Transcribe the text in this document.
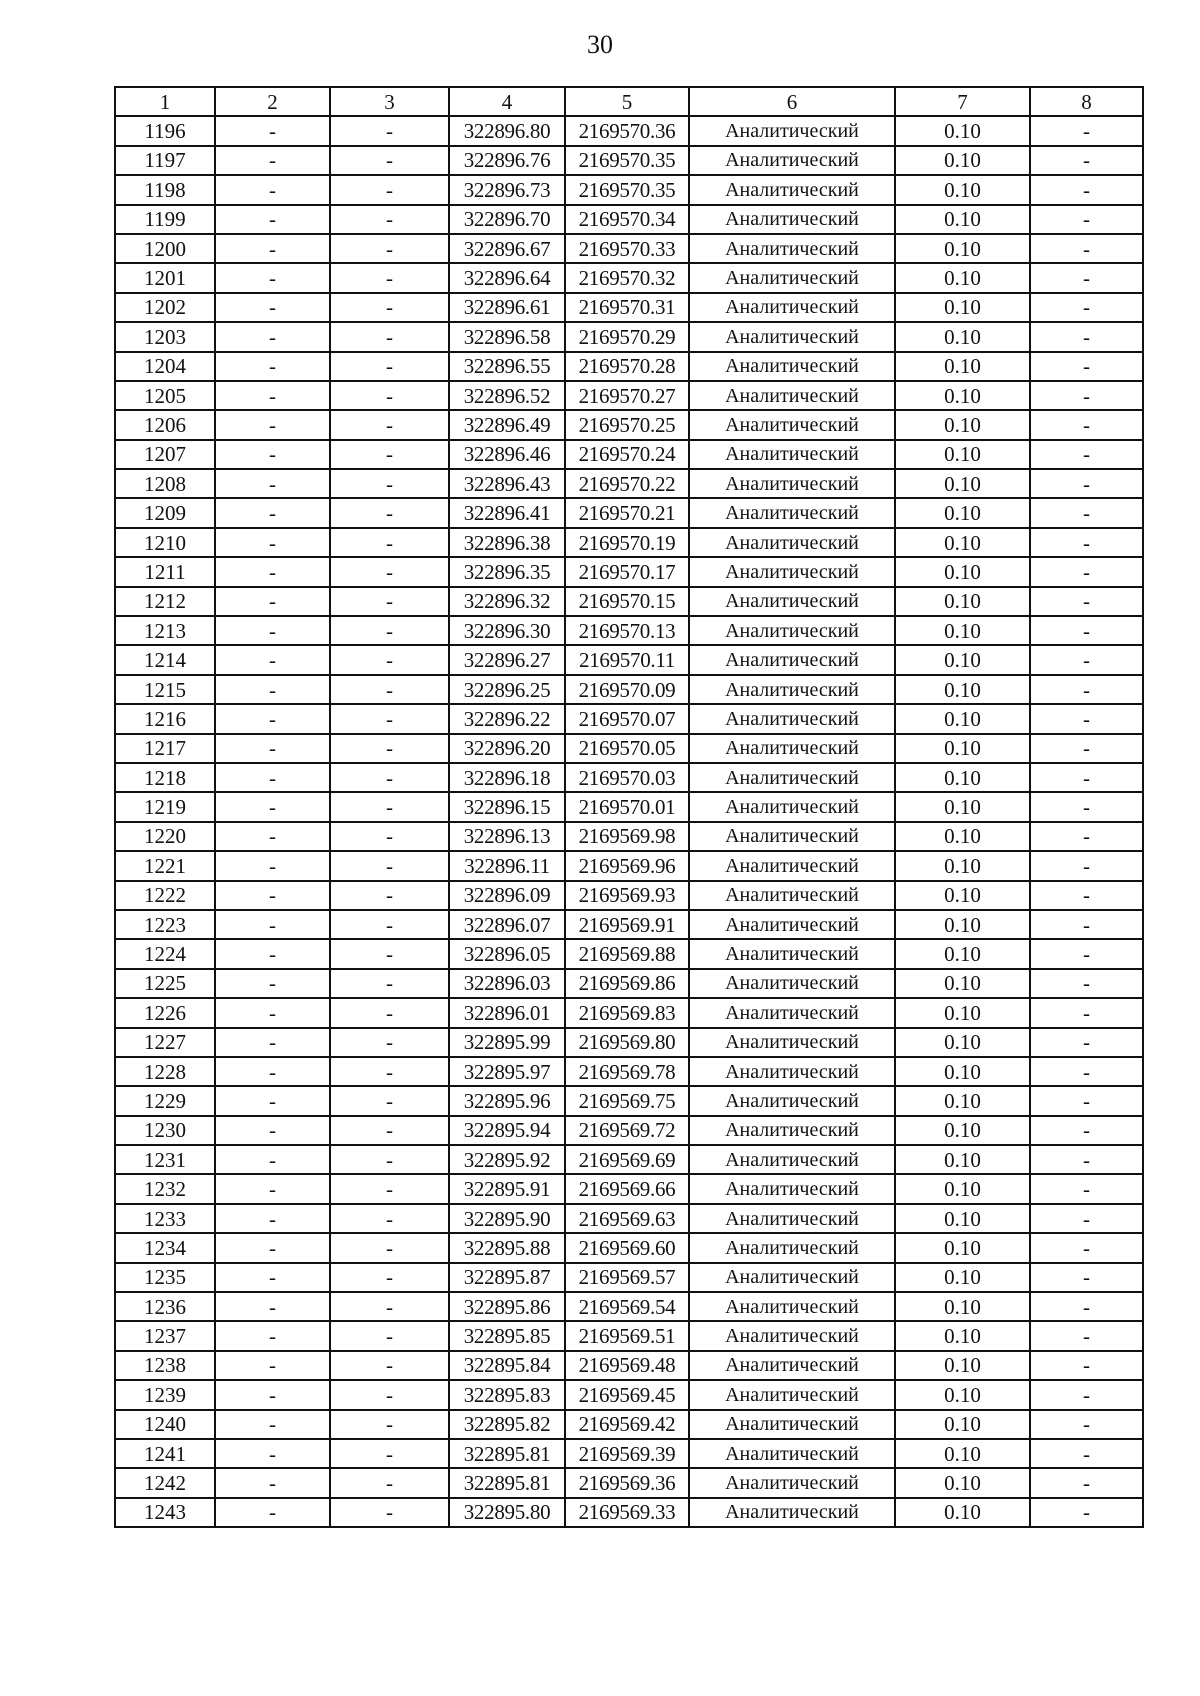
30
1	2	3	4	5	6	7	8
1196	-	-	322896.80	2169570.36	Аналитический	0.10	-
1197	-	-	322896.76	2169570.35	Аналитический	0.10	-
1198	-	-	322896.73	2169570.35	Аналитический	0.10	-
1199	-	-	322896.70	2169570.34	Аналитический	0.10	-
1200	-	-	322896.67	2169570.33	Аналитический	0.10	-
1201	-	-	322896.64	2169570.32	Аналитический	0.10	-
1202	-	-	322896.61	2169570.31	Аналитический	0.10	-
1203	-	-	322896.58	2169570.29	Аналитический	0.10	-
1204	-	-	322896.55	2169570.28	Аналитический	0.10	-
1205	-	-	322896.52	2169570.27	Аналитический	0.10	-
1206	-	-	322896.49	2169570.25	Аналитический	0.10	-
1207	-	-	322896.46	2169570.24	Аналитический	0.10	-
1208	-	-	322896.43	2169570.22	Аналитический	0.10	-
1209	-	-	322896.41	2169570.21	Аналитический	0.10	-
1210	-	-	322896.38	2169570.19	Аналитический	0.10	-
1211	-	-	322896.35	2169570.17	Аналитический	0.10	-
1212	-	-	322896.32	2169570.15	Аналитический	0.10	-
1213	-	-	322896.30	2169570.13	Аналитический	0.10	-
1214	-	-	322896.27	2169570.11	Аналитический	0.10	-
1215	-	-	322896.25	2169570.09	Аналитический	0.10	-
1216	-	-	322896.22	2169570.07	Аналитический	0.10	-
1217	-	-	322896.20	2169570.05	Аналитический	0.10	-
1218	-	-	322896.18	2169570.03	Аналитический	0.10	-
1219	-	-	322896.15	2169570.01	Аналитический	0.10	-
1220	-	-	322896.13	2169569.98	Аналитический	0.10	-
1221	-	-	322896.11	2169569.96	Аналитический	0.10	-
1222	-	-	322896.09	2169569.93	Аналитический	0.10	-
1223	-	-	322896.07	2169569.91	Аналитический	0.10	-
1224	-	-	322896.05	2169569.88	Аналитический	0.10	-
1225	-	-	322896.03	2169569.86	Аналитический	0.10	-
1226	-	-	322896.01	2169569.83	Аналитический	0.10	-
1227	-	-	322895.99	2169569.80	Аналитический	0.10	-
1228	-	-	322895.97	2169569.78	Аналитический	0.10	-
1229	-	-	322895.96	2169569.75	Аналитический	0.10	-
1230	-	-	322895.94	2169569.72	Аналитический	0.10	-
1231	-	-	322895.92	2169569.69	Аналитический	0.10	-
1232	-	-	322895.91	2169569.66	Аналитический	0.10	-
1233	-	-	322895.90	2169569.63	Аналитический	0.10	-
1234	-	-	322895.88	2169569.60	Аналитический	0.10	-
1235	-	-	322895.87	2169569.57	Аналитический	0.10	-
1236	-	-	322895.86	2169569.54	Аналитический	0.10	-
1237	-	-	322895.85	2169569.51	Аналитический	0.10	-
1238	-	-	322895.84	2169569.48	Аналитический	0.10	-
1239	-	-	322895.83	2169569.45	Аналитический	0.10	-
1240	-	-	322895.82	2169569.42	Аналитический	0.10	-
1241	-	-	322895.81	2169569.39	Аналитический	0.10	-
1242	-	-	322895.81	2169569.36	Аналитический	0.10	-
1243	-	-	322895.80	2169569.33	Аналитический	0.10	-
